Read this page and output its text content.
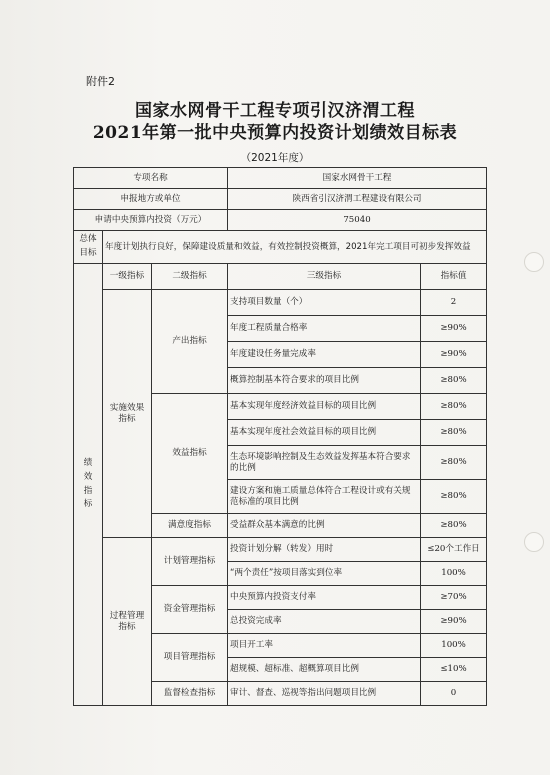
附件2
国家水网骨干工程专项引汉济渭工程
2021年第一批中央预算内投资计划绩效目标表
（2021年度）
专项名称			国家水网骨干工程	
申报地方或单位			陕西省引汉济渭工程建设有限公司	
申请中央预算内投资（万元）			75040	
总体目标	年度计划执行良好，保障建设质量和效益，有效控制投资概算，2021年完工项目可初步发挥效益			
绩效指标	一级指标	二级指标	三级指标	指标值
	实施效果指标	产出指标	支持项目数量（个）	2
			年度工程质量合格率	≥90%
			年度建设任务量完成率	≥90%
			概算控制基本符合要求的项目比例	≥80%
		效益指标	基本实现年度经济效益目标的项目比例	≥80%
			基本实现年度社会效益目标的项目比例	≥80%
			生态环境影响控制及生态效益发挥基本符合要求的比例	≥80%
			建设方案和施工质量总体符合工程设计或有关规范标准的项目比例	≥80%
		满意度指标	受益群众基本满意的比例	≥80%
	过程管理指标	计划管理指标	投资计划分解（转发）用时	≤20个工作日
			“两个责任”按项目落实到位率	100%
		资金管理指标	中央预算内投资支付率	≥70%
			总投资完成率	≥90%
		项目管理指标	项目开工率	100%
			超规模、超标准、超概算项目比例	≤10%
		监督检查指标	审计、督查、巡视等指出问题项目比例	0
